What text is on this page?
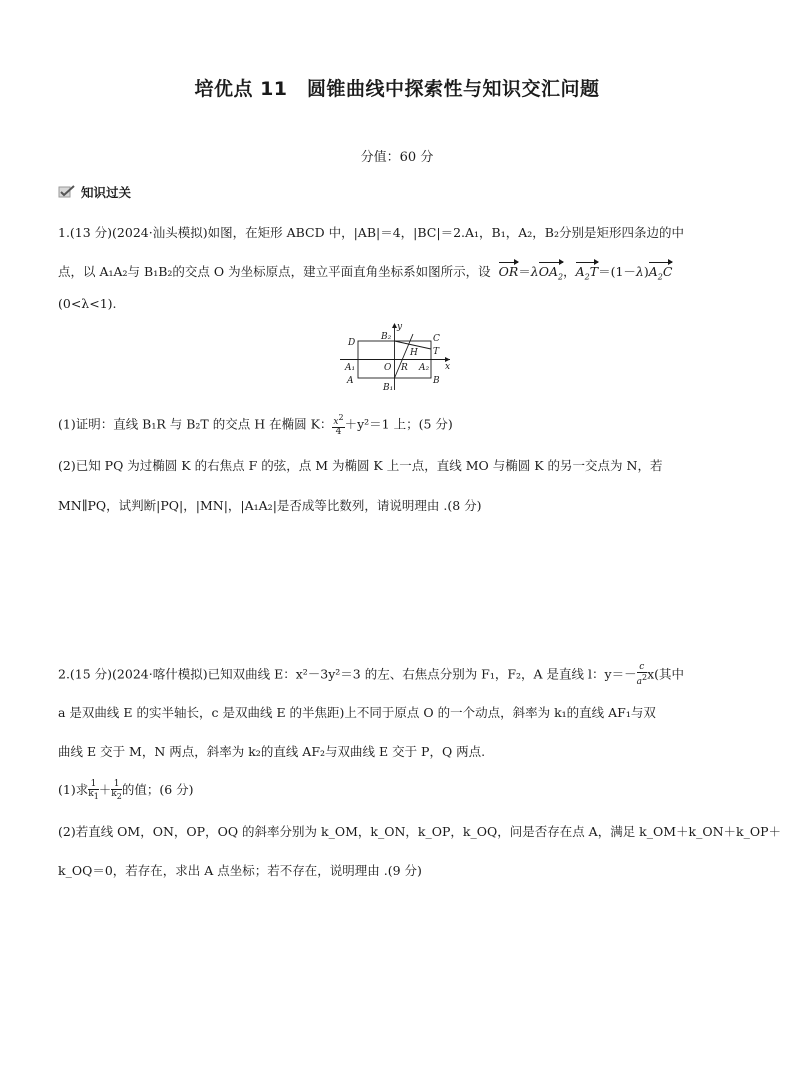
培优点 11　圆锥曲线中探索性与知识交汇问题
分值：60 分
知识过关
1.(13 分)(2024·汕头模拟)如图，在矩形 ABCD 中，|AB|＝4，|BC|＝2.A₁，B₁，A₂，B₂分别是矩形四条边的中
点，以 A₁A₂与 B₁B₂的交点 O 为坐标原点，建立平面直角坐标系如图所示，设 OR＝λOA$_2$，$A_2T=(1-\lambda)A_2C$
(0<λ<1).
D
B₂
y
C
T
H
A₁	O R A₂ x
A
B₁
B
(1)证明：直线 B₁R 与 B₂T 的交点 H 在椭圆 K： $\frac{x^2}{4} +y^2=1$ 上；(5 分)
(2)已知 PQ 为过椭圆 K 的右焦点 F 的弦，点 M 为椭圆 K 上一点，直线 MO 与椭圆 K 的另一交点为 N，若
MN∥PQ，试判断|PQ|，|MN|，|A₁A₂|是否成等比数列，请说明理由 .(8 分)
2.(15 分)(2024·喀什模拟)已知双曲线 E：x²－3y²＝3 的左、右焦点分别为 F₁，F₂，A 是直线 l：$y=- \frac{c}{a^2} x$(其中
a 是双曲线 E 的实半轴长，c 是双曲线 E 的半焦距)上不同于原点 O 的一个动点，斜率为 k₁的直线 AF₁与双
曲线 E 交于 M，N 两点，斜率为 k₂的直线 AF₂与双曲线 E 交于 P，Q 两点.
(1)求 $\frac{1}{k_1} + \frac{1}{k_2}$ 的值；(6 分)
(2)若直线 OM，ON，OP，OQ 的斜率分别为 k_OM，k_ON，k_OP，k_OQ，问是否存在点 A，满足 k_OM＋k_ON＋k_OP＋
k_OQ＝0，若存在，求出 A 点坐标；若不存在，说明理由 .(9 分)
